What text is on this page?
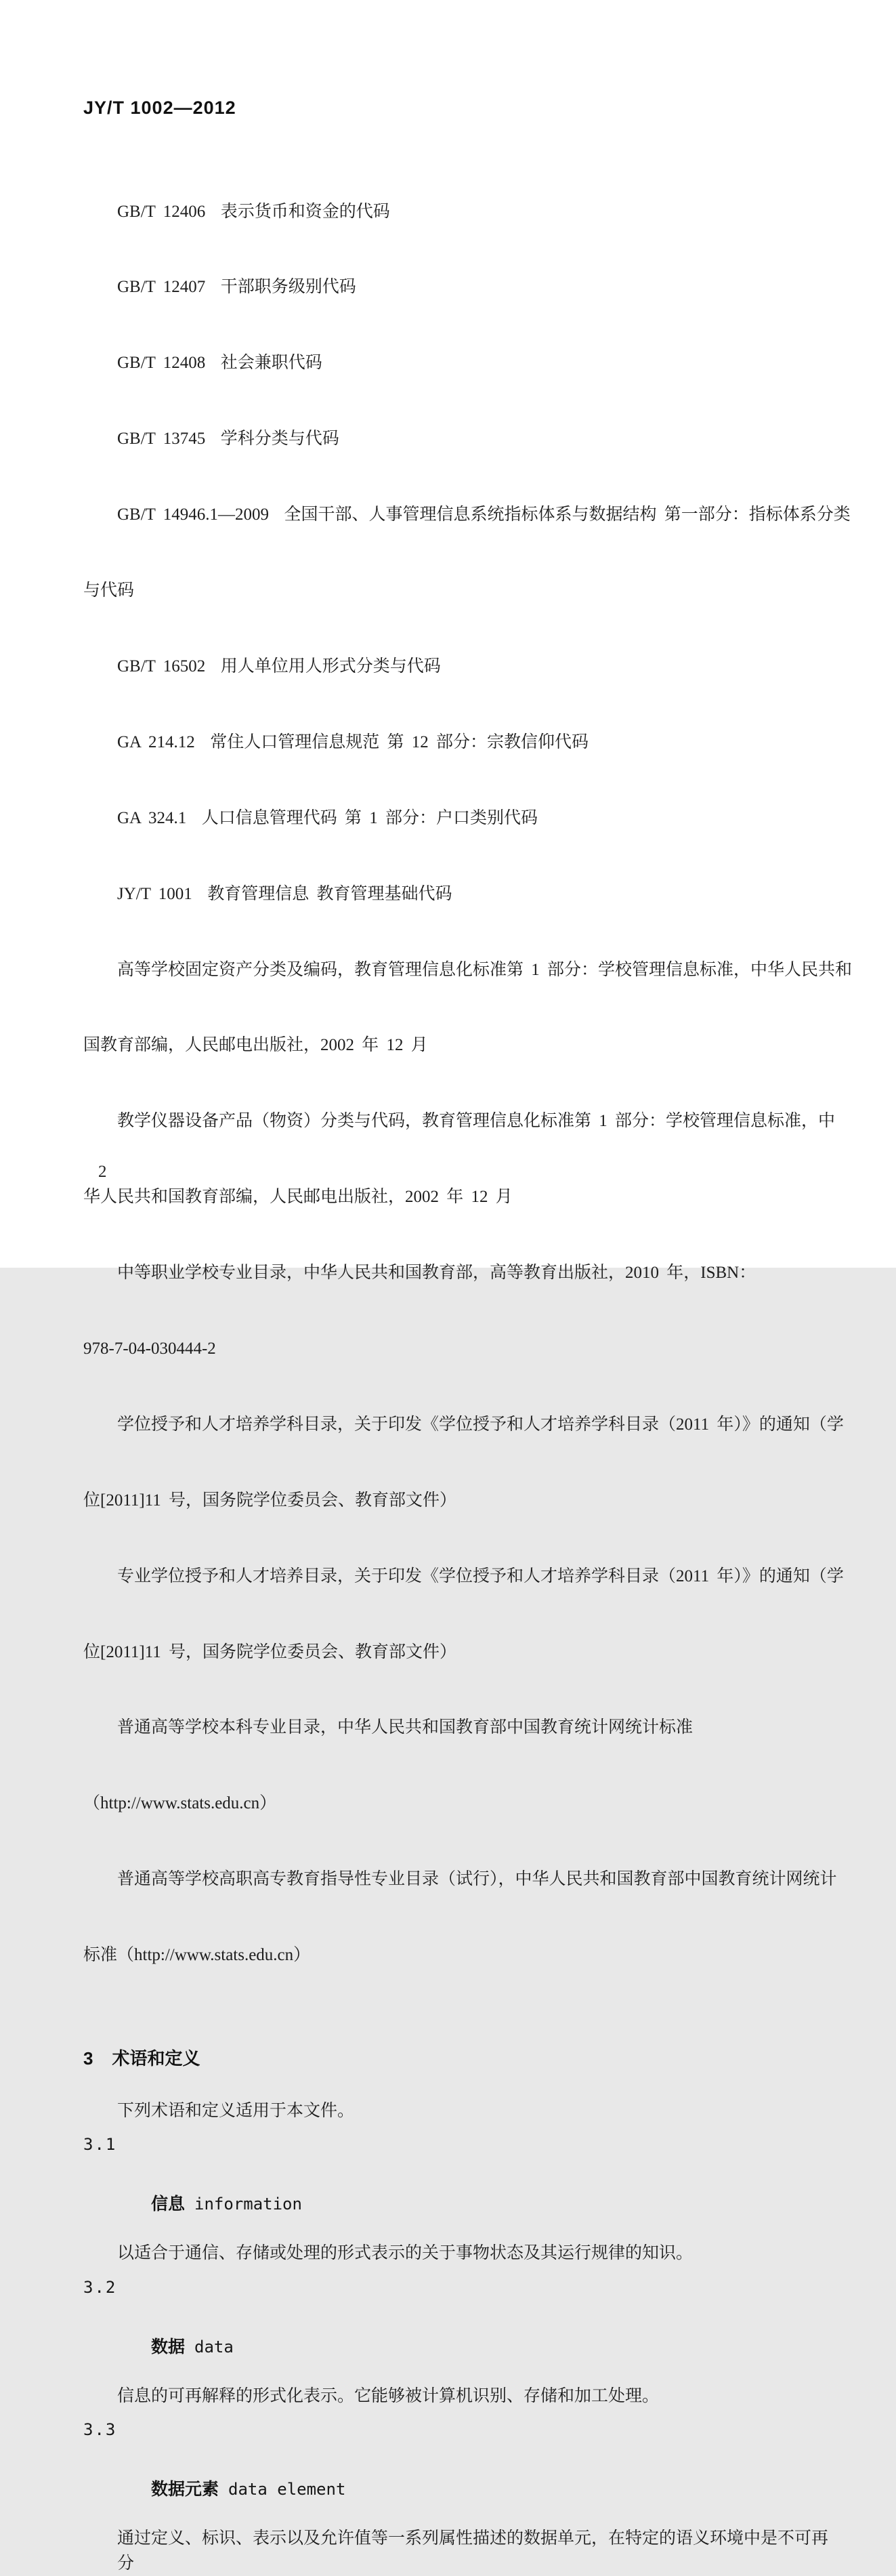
JY/T 1002—2012

GB/T 12406  表示货币和资金的代码

GB/T 12407  干部职务级别代码

GB/T 12408  社会兼职代码

GB/T 13745  学科分类与代码

GB/T 14946.1—2009  全国干部、人事管理信息系统指标体系与数据结构 第一部分：指标体系分类

与代码

GB/T 16502  用人单位用人形式分类与代码

GA 214.12  常住人口管理信息规范 第 12 部分：宗教信仰代码

GA 324.1  人口信息管理代码 第 1 部分：户口类别代码

JY/T 1001  教育管理信息 教育管理基础代码

高等学校固定资产分类及编码，教育管理信息化标准第 1 部分：学校管理信息标准，中华人民共和

国教育部编，人民邮电出版社，2002 年 12 月

教学仪器设备产品（物资）分类与代码，教育管理信息化标准第 1 部分：学校管理信息标准，中

华人民共和国教育部编，人民邮电出版社，2002 年 12 月

中等职业学校专业目录，中华人民共和国教育部，高等教育出版社，2010 年，ISBN：

978-7-04-030444-2

学位授予和人才培养学科目录，关于印发《学位授予和人才培养学科目录（2011 年）》的通知（学

位[2011]11 号，国务院学位委员会、教育部文件）

专业学位授予和人才培养目录，关于印发《学位授予和人才培养学科目录（2011 年）》的通知（学

位[2011]11 号，国务院学位委员会、教育部文件）

普通高等学校本科专业目录，中华人民共和国教育部中国教育统计网统计标准

（http://www.stats.edu.cn）

普通高等学校高职高专教育指导性专业目录（试行），中华人民共和国教育部中国教育统计网统计

标准（http://www.stats.edu.cn）

3 术语和定义
下列术语和定义适用于本文件。
3.1

信息 information

以适合于通信、存储或处理的形式表示的关于事物状态及其运行规律的知识。
3.2

数据 data

信息的可再解释的形式化表示。它能够被计算机识别、存储和加工处理。
3.3

数据元素 data element

通过定义、标识、表示以及允许值等一系列属性描述的数据单元，在特定的语义环境中是不可再分
2
